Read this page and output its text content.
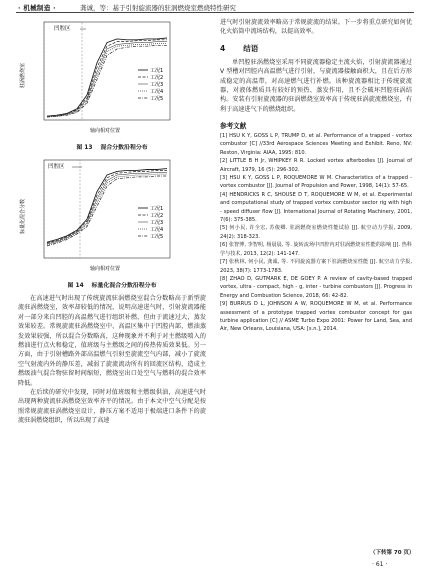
· 机械制造 ·	龚诚，等：基于引射旋流器的驻涡燃烧室燃烧特性研究
凹腔区
驻涡燃烧室
轴向相对位置
工况1
工况2
工况3
工况4
工况5
图 13 混合分数沿程分布
凹腔区
标量化混合分数
轴向相对位置
工况1
工况2
工况3
工况4
工况5
图 14 标量化混合分数沿程分布

在高速进气时出现了传统旋流驻涡燃烧室混合分数略高于新型旋流驻涡燃烧室，效率却较低的情况，说明高速进气时，引射旋流器能对一部分来自凹腔的高温燃气进行组织补燃，但由于流速过大，蒸发效果较差。常规旋流驻涡燃烧室中，高温区集中于凹腔内部，燃油蒸发效果较强，所以混合分数略高，这种现象并不利于对主燃级喷入的燃油进行点火和稳定，值班级与主燃级之间的传热传质效果低。另一方面，由于引射槽路外部高温燃气引射至旋流空气内部，减小了旋流空气射流内外的静压差，减弱了旋流流动所有的回流区结构，造成主燃级油气混合物驻留时间缩短，燃烧室出口处空气与燃料的混合效率降低。

在后续的研究中发现，同时对值班级和主燃级供油，高速进气时出现两种旋流驻涡燃烧室效率齐平的情况。由于本文中空气分配是按照常规旋流驻涡燃烧室设计，静压方案不适用于极端进口条件下的旋流驻涡燃烧组织，所以出现了高速

进气时引射旋流效率略高于常规旋流的结果。下一步将重点研究如何优化火焰筒中流场结构，以提高效率。

4 结语

单凹腔驻涡燃烧室采用不同旋流器稳定主流火焰，引射旋流器通过 V 型槽对凹腔内高温燃气进行引射，与旋流器接触面积大，且在后方形成稳定的高温带，对高速燃气进行补燃。该种旋流器相比于传统旋流器，对液体燃质具有较好的预热、蒸发作用，且不会破坏凹腔驻涡结构。安装有引射旋流器的驻涡燃烧室效率高于传统驻涡旋流燃烧室，有利于高速进气下的燃烧组织。

参考文献
[1] HSU K Y, GOSS L P, TRUMP D, et al. Performance of a trapped - vortex combustor [C] //33rd Aerospace Sciences Meeting and Exhibit. Reno, NV: Reston, Virginia: AIAA, 1995: 810.
[2] LITTLE B H Jr, WHIPKEY R R. Locked vortex afterbodies [J]. Journal of Aircraft, 1979, 16 (5): 296-302.
[3] HSU K Y, GOSS L P, ROQUEMORE W M. Characteristics of a trapped - vortex combustor [J]. Journal of Propulsion and Power, 1998, 14(1): 57-65.
[4] HENDRICKS R C, SHOUSE D T, ROQUEMORE W M, et al. Experimental and computational study of trapped vortex combustor sector rig with high - speed diffuser flow [J]. International Journal of Rotating Machinery, 2001, 7(6): 375-385.
[5] 何小民, 许全宏, 苏俊卿. 驻涡燃烧室燃烧性能试验 [J]. 航空动力学报, 2009, 24(2): 318-323.
[6] 张智博, 李智明, 杨晨晨, 等. 旋转流场中凹腔内对驻涡燃烧室性能的影响 [J]. 热科学与技术, 2013, 12(2): 141-147.
[7] 张秋林, 何小民, 龚诚, 等. 不同旋流器方案下驻涡燃烧室性能 [J]. 航空动力学报, 2023, 38(7): 1773-1783.
[8] ZHAO D, GUTMARK E, DE GOEY P. A review of cavity-based trapped vortex, ultra - compact, high - g, inter - turbine combustors [J]. Progress in Energy and Combustion Science, 2018, 66: 42-82.
[9] BURRUS D L, JOHNSON A W, ROQUEMORE W M, et al. Performance assessment of a prototype trapped vortex combustor concept for gas turbine application [C] // ASME Turbo Expo 2001: Power for Land, Sea, and Air, New Orleans, Louisiana, USA: [s.n.], 2014.
（下转第 70 页）
· 61 ·
